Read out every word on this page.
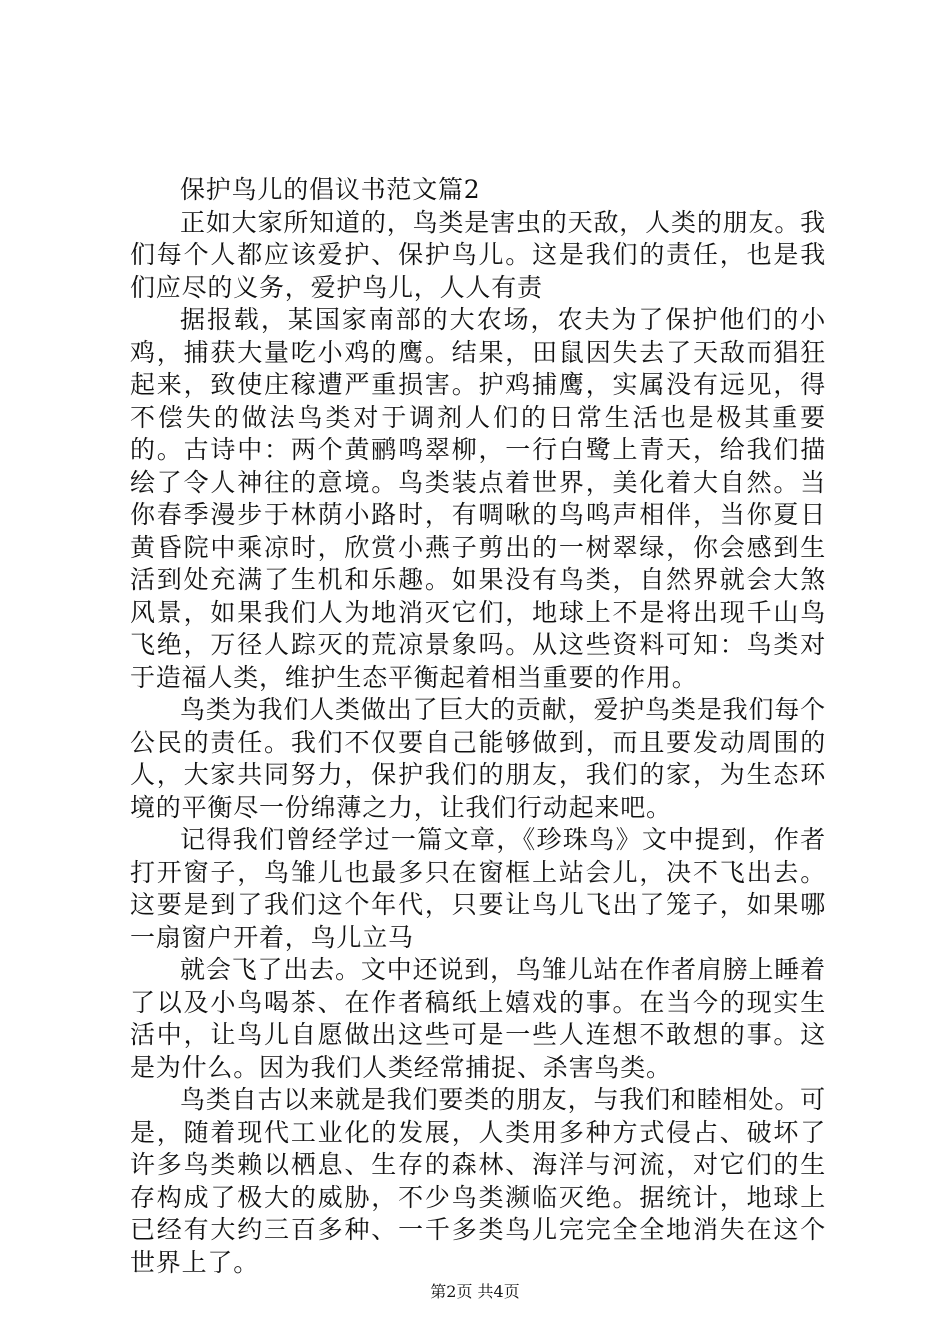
保护鸟儿的倡议书范文篇2

正如大家所知道的，鸟类是害虫的天敌，人类的朋友。我们每个人都应该爱护、保护鸟儿。这是我们的责任，也是我们应尽的义务，爱护鸟儿，人人有责

据报载，某国家南部的大农场，农夫为了保护他们的小鸡，捕获大量吃小鸡的鹰。结果，田鼠因失去了天敌而猖狂起来，致使庄稼遭严重损害。护鸡捕鹰，实属没有远见，得不偿失的做法鸟类对于调剂人们的日常生活也是极其重要的。古诗中：两个黄鹂鸣翠柳，一行白鹭上青天，给我们描绘了令人神往的意境。鸟类装点着世界，美化着大自然。当你春季漫步于林荫小路时，有啁啾的鸟鸣声相伴，当你夏日黄昏院中乘凉时，欣赏小燕子剪出的一树翠绿，你会感到生活到处充满了生机和乐趣。如果没有鸟类，自然界就会大煞风景，如果我们人为地消灭它们，地球上不是将出现千山鸟飞绝，万径人踪灭的荒凉景象吗。从这些资料可知：鸟类对于造福人类，维护生态平衡起着相当重要的作用。

鸟类为我们人类做出了巨大的贡献，爱护鸟类是我们每个公民的责任。我们不仅要自己能够做到，而且要发动周围的人，大家共同努力，保护我们的朋友，我们的家，为生态环境的平衡尽一份绵薄之力，让我们行动起来吧。

记得我们曾经学过一篇文章，《珍珠鸟》文中提到，作者打开窗子，鸟雏儿也最多只在窗框上站会儿，决不飞出去。这要是到了我们这个年代，只要让鸟儿飞出了笼子，如果哪一扇窗户开着，鸟儿立马

就会飞了出去。文中还说到，鸟雏儿站在作者肩膀上睡着了以及小鸟喝茶、在作者稿纸上嬉戏的事。在当今的现实生活中，让鸟儿自愿做出这些可是一些人连想不敢想的事。这是为什么。因为我们人类经常捕捉、杀害鸟类。

鸟类自古以来就是我们要类的朋友，与我们和睦相处。可是，随着现代工业化的发展，人类用多种方式侵占、破坏了许多鸟类赖以栖息、生存的森林、海洋与河流，对它们的生存构成了极大的威胁，不少鸟类濒临灭绝。据统计，地球上已经有大约三百多种、一千多类鸟儿完完全全地消失在这个世界上了。

第2页 共4页
